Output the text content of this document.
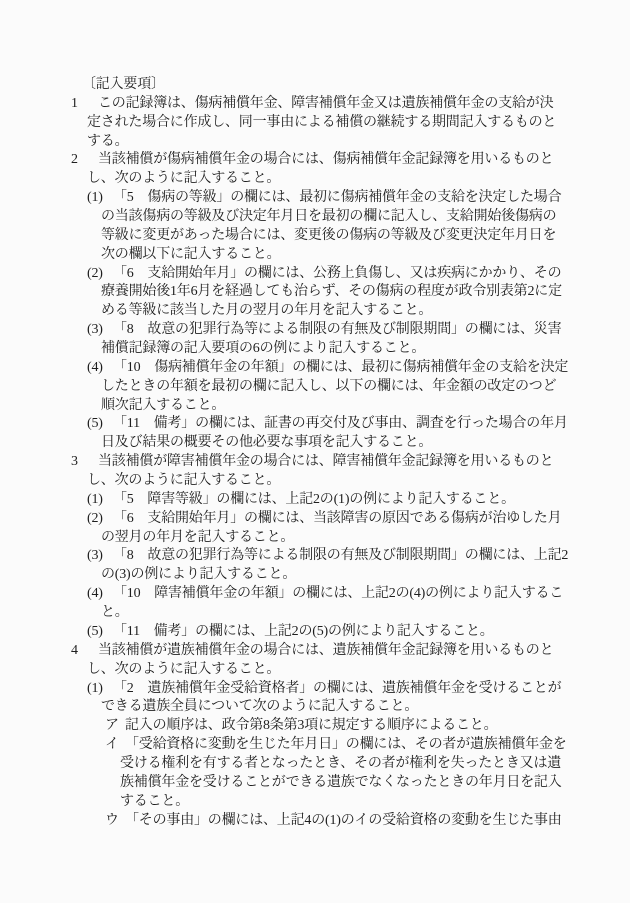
〔記入要項〕
1 この記録簿は、傷病補償年金、障害補償年金又は遺族補償年金の支給が決
定された場合に作成し、同一事由による補償の継続する期間記入するものと
する。
2 当該補償が傷病補償年金の場合には、傷病補償年金記録簿を用いるものと
し、次のように記入すること。
(1) 「5　傷病の等級」の欄には、最初に傷病補償年金の支給を決定した場合
の当該傷病の等級及び決定年月日を最初の欄に記入し、支給開始後傷病の
等級に変更があった場合には、変更後の傷病の等級及び変更決定年月日を
次の欄以下に記入すること。
(2) 「6　支給開始年月」の欄には、公務上負傷し、又は疾病にかかり、その
療養開始後1年6月を経過しても治らず、その傷病の程度が政令別表第2に定
める等級に該当した月の翌月の年月を記入すること。
(3) 「8　故意の犯罪行為等による制限の有無及び制限期間」の欄には、災害
補償記録簿の記入要項の6の例により記入すること。
(4) 「10　傷病補償年金の年額」の欄には、最初に傷病補償年金の支給を決定
したときの年額を最初の欄に記入し、以下の欄には、年金額の改定のつど
順次記入すること。
(5) 「11　備考」の欄には、証書の再交付及び事由、調査を行った場合の年月
日及び結果の概要その他必要な事項を記入すること。
3 当該補償が障害補償年金の場合には、障害補償年金記録簿を用いるものと
し、次のように記入すること。
(1) 「5　障害等級」の欄には、上記2の(1)の例により記入すること。
(2) 「6　支給開始年月」の欄には、当該障害の原因である傷病が治ゆした月
の翌月の年月を記入すること。
(3) 「8　故意の犯罪行為等による制限の有無及び制限期間」の欄には、上記2
の(3)の例により記入すること。
(4) 「10　障害補償年金の年額」の欄には、上記2の(4)の例により記入するこ
と。
(5) 「11　備考」の欄には、上記2の(5)の例により記入すること。
4 当該補償が遺族補償年金の場合には、遺族補償年金記録簿を用いるものと
し、次のように記入すること。
(1) 「2　遺族補償年金受給資格者」の欄には、遺族補償年金を受けることが
できる遺族全員について次のように記入すること。
ア 記入の順序は、政令第8条第3項に規定する順序によること。
イ 「受給資格に変動を生じた年月日」の欄には、その者が遺族補償年金を
受ける権利を有する者となったとき、その者が権利を失ったとき又は遺
族補償年金を受けることができる遺族でなくなったときの年月日を記入
すること。
ウ 「その事由」の欄には、上記4の(1)のイの受給資格の変動を生じた事由
